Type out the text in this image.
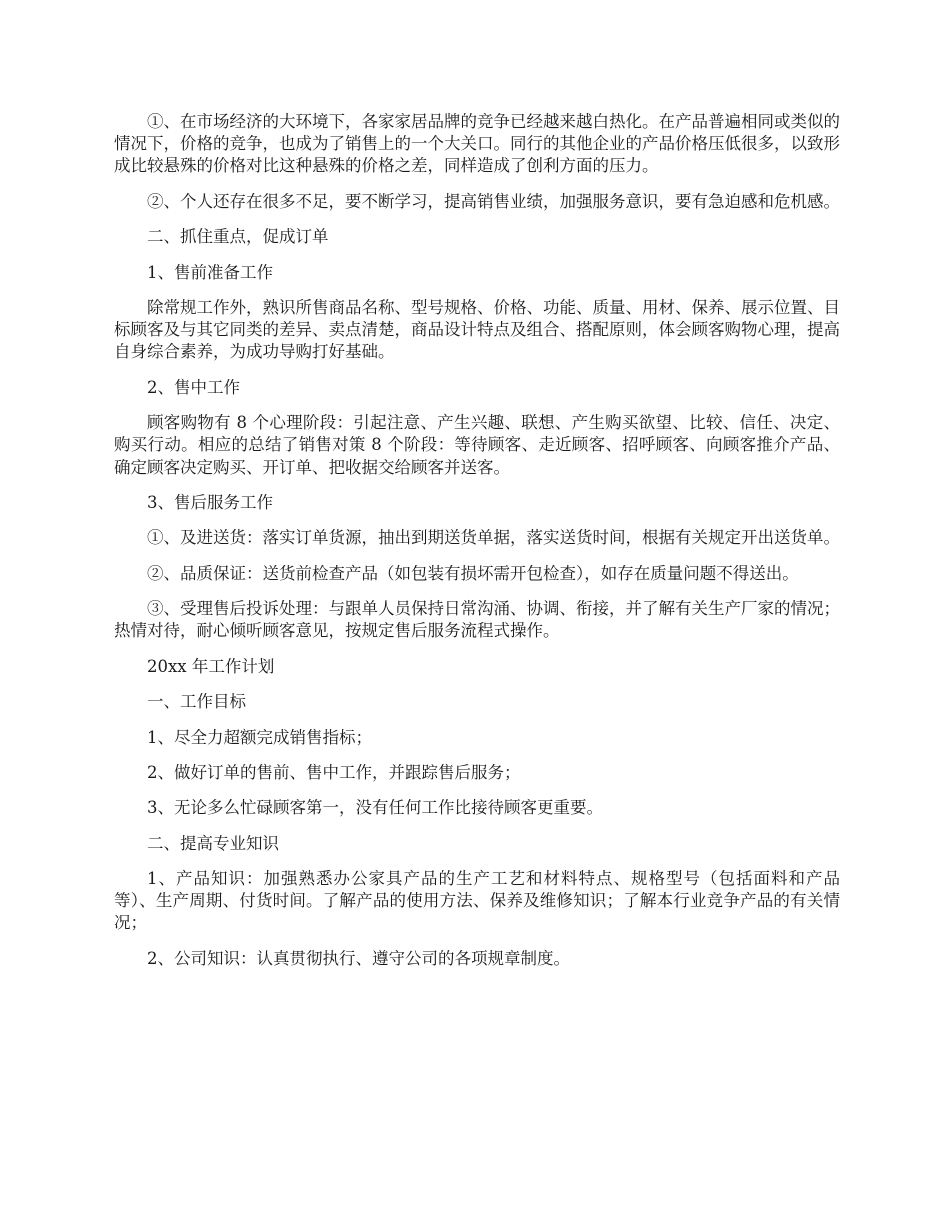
①、在市场经济的大环境下，各家家居品牌的竞争已经越来越白热化。在产品普遍相同或类似的情况下，价格的竞争，也成为了销售上的一个大关口。同行的其他企业的产品价格压低很多，以致形成比较悬殊的价格对比这种悬殊的价格之差，同样造成了创利方面的压力。

②、个人还存在很多不足，要不断学习，提高销售业绩，加强服务意识，要有急迫感和危机感。

二、抓住重点，促成订单

1、售前准备工作

除常规工作外，熟识所售商品名称、型号规格、价格、功能、质量、用材、保养、展示位置、目标顾客及与其它同类的差异、卖点清楚，商品设计特点及组合、搭配原则，体会顾客购物心理，提高自身综合素养，为成功导购打好基础。

2、售中工作

顾客购物有 8 个心理阶段：引起注意、产生兴趣、联想、产生购买欲望、比较、信任、决定、购买行动。相应的总结了销售对策 8 个阶段：等待顾客、走近顾客、招呼顾客、向顾客推介产品、确定顾客决定购买、开订单、把收据交给顾客并送客。

3、售后服务工作

①、及进送货：落实订单货源，抽出到期送货单据，落实送货时间，根据有关规定开出送货单。

②、品质保证：送货前检查产品（如包装有损坏需开包检查），如存在质量问题不得送出。

③、受理售后投诉处理：与跟单人员保持日常沟涌、协调、衔接，并了解有关生产厂家的情况；热情对待，耐心倾听顾客意见，按规定售后服务流程式操作。

20xx 年工作计划

一、工作目标

1、尽全力超额完成销售指标；

2、做好订单的售前、售中工作，并跟踪售后服务；

3、无论多么忙碌顾客第一，没有任何工作比接待顾客更重要。

二、提高专业知识

1、产品知识：加强熟悉办公家具产品的生产工艺和材料特点、规格型号（包括面料和产品等）、生产周期、付货时间。了解产品的使用方法、保养及维修知识；了解本行业竞争产品的有关情况；

2、公司知识：认真贯彻执行、遵守公司的各项规章制度。
